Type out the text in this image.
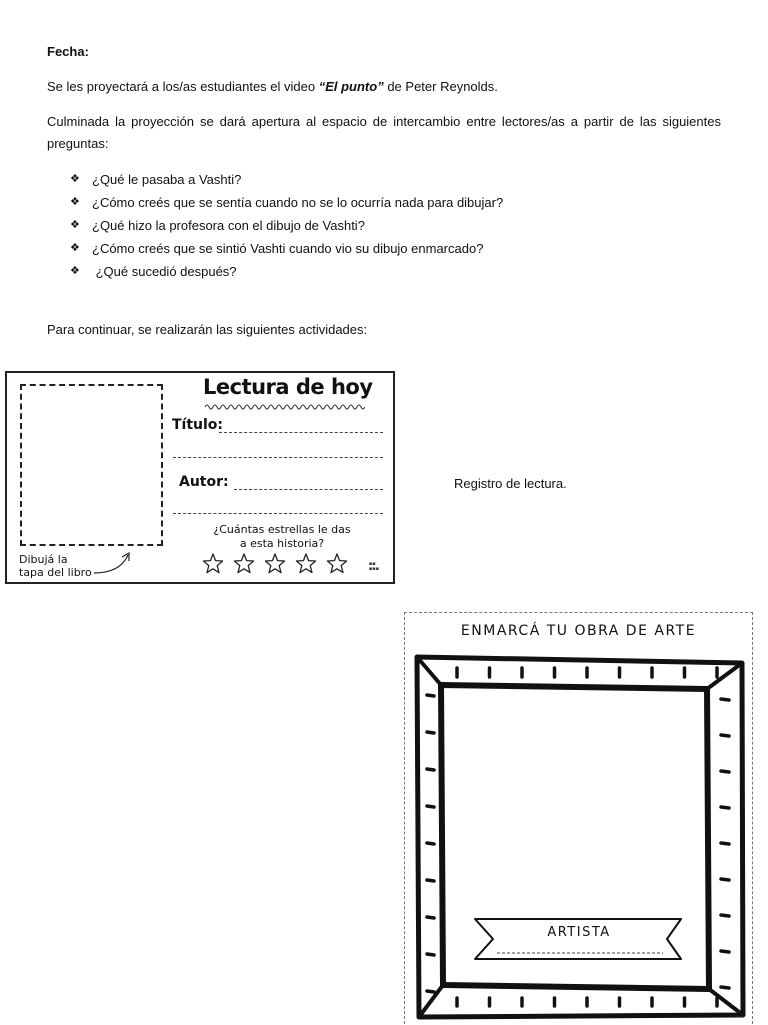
Fecha:
Se les proyectará a los/as estudiantes el video “El punto” de Peter Reynolds.
Culminada la proyección se dará apertura al espacio de intercambio entre lectores/as a partir de las siguientes preguntas:
❖ ¿Qué le pasaba a Vashti?
❖ ¿Cómo creés que se sentía cuando no se lo ocurría nada para dibujar?
❖ ¿Qué hizo la profesora con el dibujo de Vashti?
❖ ¿Cómo creés que se sintió Vashti cuando vio su dibujo enmarcado?
❖ ¿Qué sucedió después?
Para continuar, se realizarán las siguientes actividades:
Lectura de hoy
Título:
Autor:
¿Cuántas estrellas le das
a esta historia?
Dibujá la
tapa del libro
▪▪
▪▪▪
Registro de lectura.
ENMARCÁ TU OBRA DE ARTE
ARTISTA
▪▪
▪▪▪
